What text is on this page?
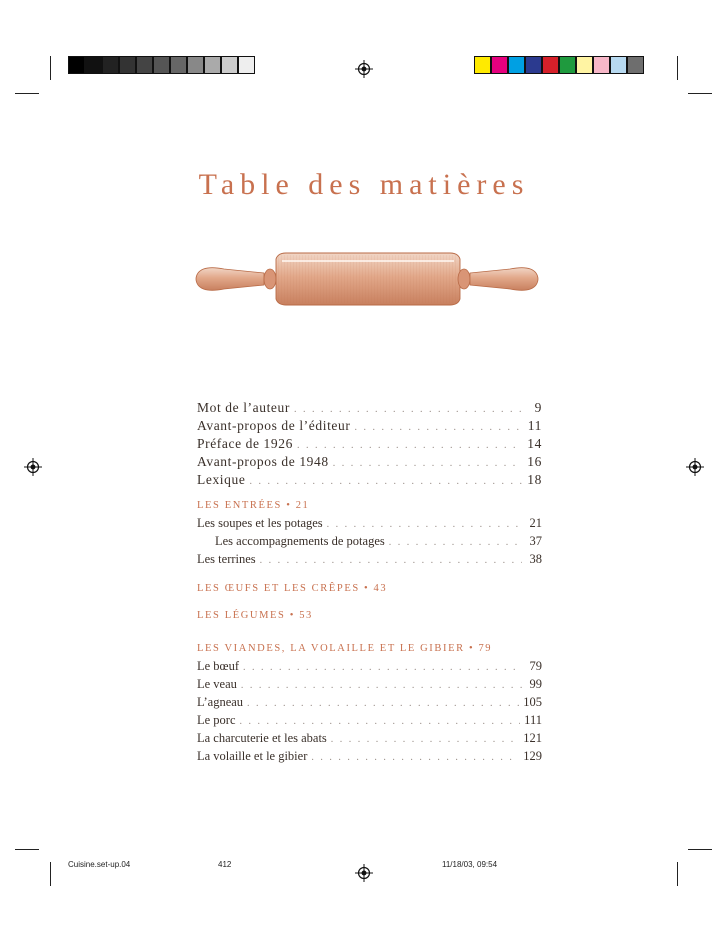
Table des matières
Mot de l’auteur . . .	9
Avant-propos de l’éditeur . . .	11
Préface de 1926 . . .	14
Avant-propos de 1948 . . .	16
Lexique . . .	18
LES ENTRÉES • 21
Les soupes et les potages . . .	21
Les accompagnements de potages . . .	37
Les terrines . . .	38
LES ŒUFS ET LES CRÊPES • 43
LES LÉGUMES • 53
LES VIANDES, LA VOLAILLE ET LE GIBIER • 79
Le bœuf . . .	79
Le veau . . .	99
L’agneau . . .	105
Le porc . . .	111
La charcuterie et les abats . . .	121
La volaille et le gibier . . .	129
Cuisine.set-up.04	412	11/18/03, 09:54
